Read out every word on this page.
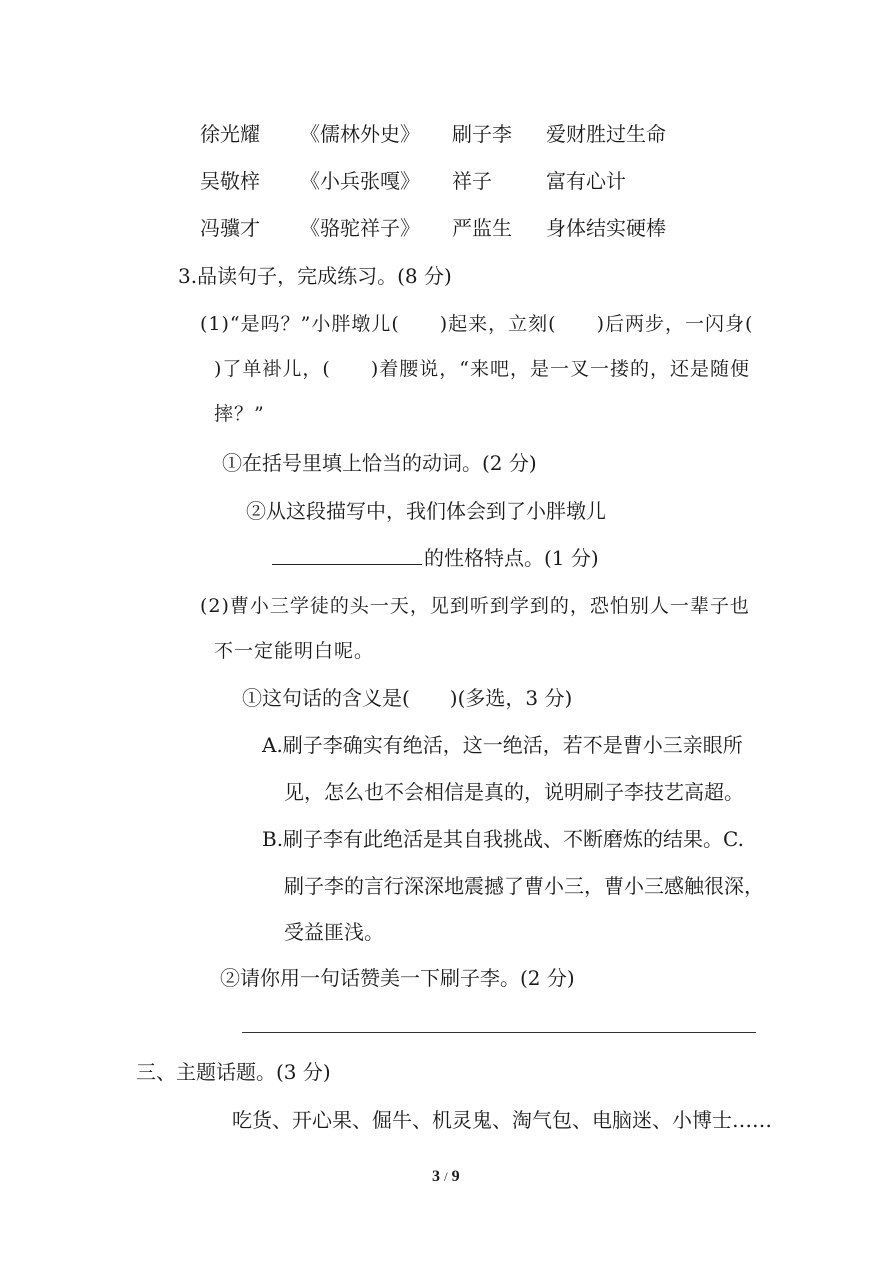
徐光耀 《儒林外史》 刷子李 爱财胜过生命
吴敬梓 《小兵张嘎》 祥子	富有心计
冯骥才 《骆驼祥子》 严监生 身体结实硬棒
3.品读句子，完成练习。(8 分)
(1)“是吗？”小胖墩儿(　　)起来，立刻(　　)后两步，一闪身(
)了单褂儿，(　　)着腰说，“来吧，是一叉一搂的，还是随便
摔？”
①在括号里填上恰当的动词。(2 分)
②从这段描写中，我们体会到了小胖墩儿
的性格特点。(1 分)
(2)曹小三学徒的头一天，见到听到学到的，恐怕别人一辈子也
不一定能明白呢。
①这句话的含义是(　　)(多选，3 分)
A.刷子李确实有绝活，这一绝活，若不是曹小三亲眼所
见，怎么也不会相信是真的，说明刷子李技艺高超。
B.刷子李有此绝活是其自我挑战、不断磨炼的结果。C.
刷子李的言行深深地震撼了曹小三，曹小三感触很深，
受益匪浅。
②请你用一句话赞美一下刷子李。(2 分)
三、主题话题。(3 分)
吃货、开心果、倔牛、机灵鬼、淘气包、电脑迷、小博士……
3 / 9
